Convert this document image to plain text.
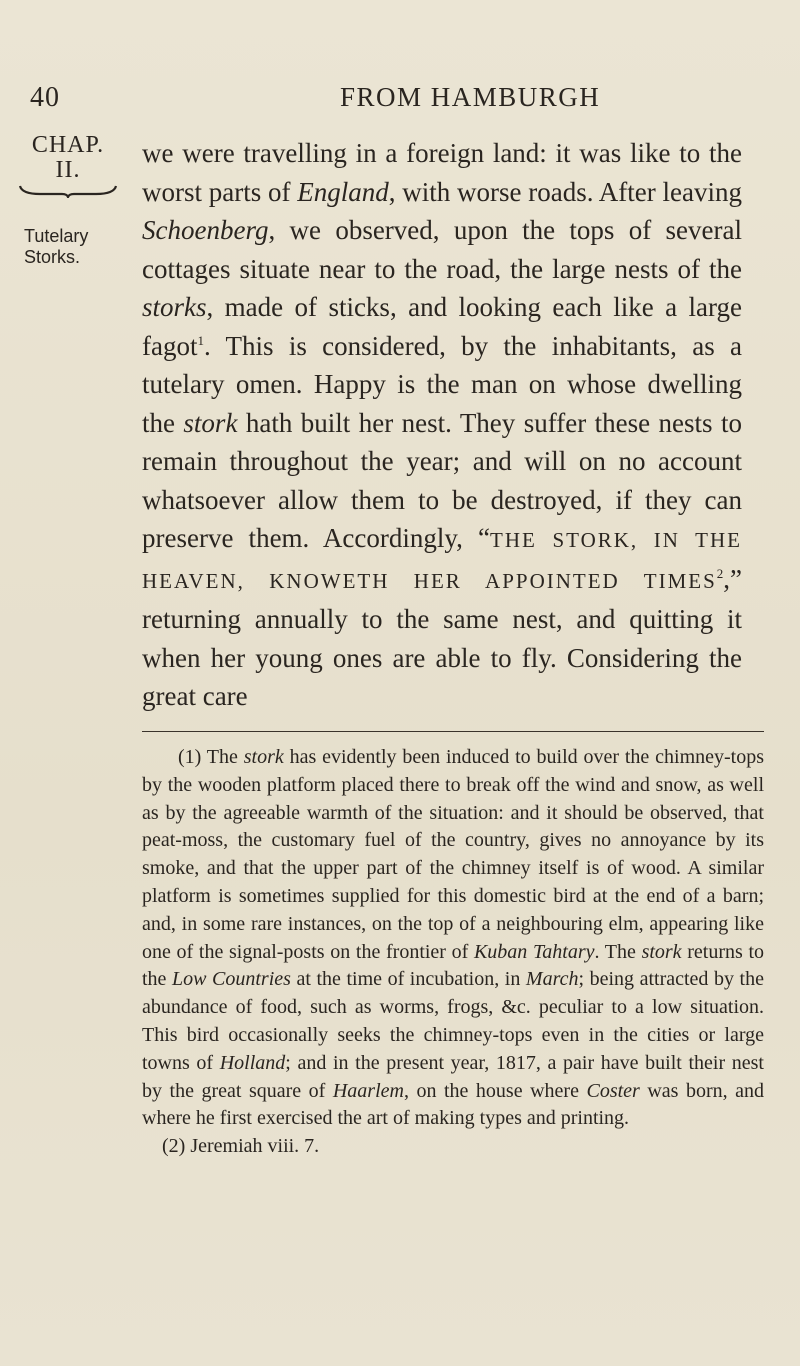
40	FROM HAMBURGH
CHAP.
II.
Tutelary
Storks.

we were travelling in a foreign land: it was like to the worst parts of England, with worse roads. After leaving Schoenberg, we observed, upon the tops of several cottages situate near to the road, the large nests of the storks, made of sticks, and looking each like a large fagot$^1$. This is considered, by the inhabitants, as a tutelary omen. Happy is the man on whose dwelling the stork hath built her nest. They suffer these nests to remain throughout the year; and will on no account whatsoever allow them to be destroyed, if they can preserve them. Accordingly, “THE STORK, IN THE HEAVEN, KNOWETH HER APPOINTED TIMES$^2$,” returning annually to the same nest, and quitting it when her young ones are able to fly. Considering the great care

(1) The stork has evidently been induced to build over the chimney-tops by the wooden platform placed there to break off the wind and snow, as well as by the agreeable warmth of the situation: and it should be observed, that peat-moss, the customary fuel of the country, gives no annoyance by its smoke, and that the upper part of the chimney itself is of wood. A similar platform is sometimes supplied for this domestic bird at the end of a barn; and, in some rare instances, on the top of a neighbouring elm, appearing like one of the signal-posts on the frontier of Kuban Tahtary. The stork returns to the Low Countries at the time of incubation, in March; being attracted by the abundance of food, such as worms, frogs, &c. peculiar to a low situation. This bird occasionally seeks the chimney-tops even in the cities or large towns of Holland; and in the present year, 1817, a pair have built their nest by the great square of Haarlem, on the house where Coster was born, and where he first exercised the art of making types and printing.

(2) Jeremiah viii. 7.
